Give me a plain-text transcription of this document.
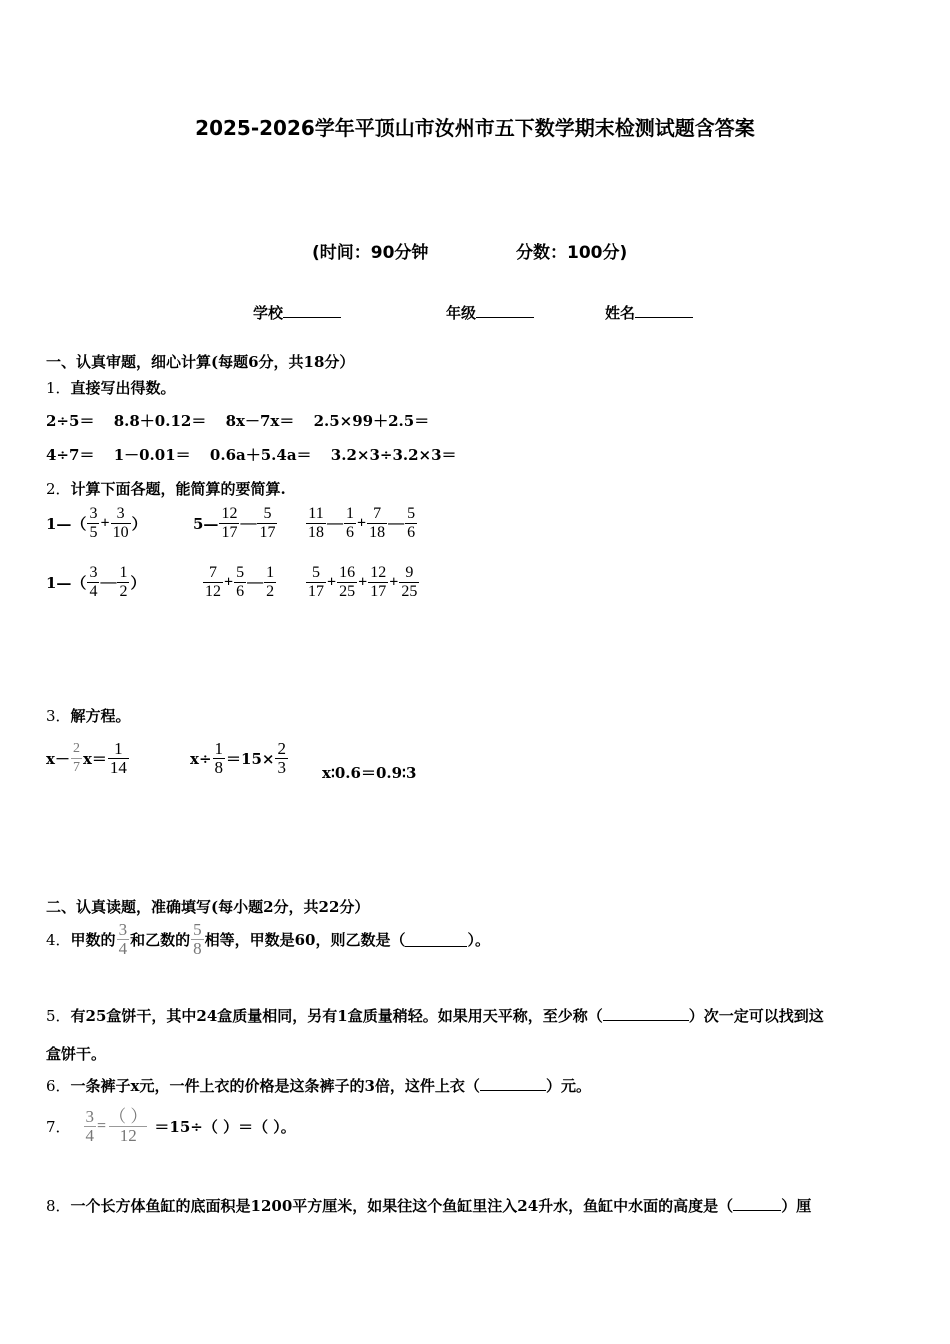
2025-2026学年平顶山市汝州市五下数学期末检测试题含答案
(时间：90分钟	分数：100分)
学校	年级	姓名
一、认真审题，细心计算(每题6分，共18分）
1．直接写出得数。
2÷5＝ 8.8＋0.12＝ 8x－7x＝ 2.5×99＋2.5＝
4÷7＝ 1－0.01＝ 0.6a＋5.4a＝ 3.2×3÷3.2×3＝
2．计算下面各题，能简算的要简算.
1—（ $\frac{3}{5} + \frac{3}{10}$ ）	5— $\frac{12}{17}$ — $\frac{5}{17} \frac{11}{18}$ — $\frac{1}{6} + \frac{7}{18}$ — $\frac{5}{6}$
1—（ $\frac{3}{4}$ — $\frac{1}{2}$ ）	$\frac{7}{12} + \frac{5}{6}$ — $\frac{1}{2} \frac{5}{17} + \frac{16}{25} + \frac{12}{17} + \frac{9}{25}$
3．解方程。
$x- \frac{2}{7} x= \frac{1}{14}$	$x\div \frac{1}{8} =15\times \frac{2}{3}$ x∶0.6＝0.9∶3
二、认真读题，准确填写(每小题2分，共22分）
4．甲数的 $\frac{3}{4}$ 和乙数的 $\frac{5}{8}$ 相等，甲数是60，则乙数是（	）。
5．有25盒饼干，其中24盒质量相同，另有1盒质量稍轻。如果用天平称，至少称（	）次一定可以找到这
盒饼干。
6．一条裤子x元，一件上衣的价格是这条裤子的3倍，这件上衣（	）元。
7． $\frac{3}{4} = \frac{( )}{12} =15\div$（ ）＝（ ）。
8．一个长方体鱼缸的底面积是1200平方厘米，如果往这个鱼缸里注入24升水，鱼缸中水面的高度是（	）厘
